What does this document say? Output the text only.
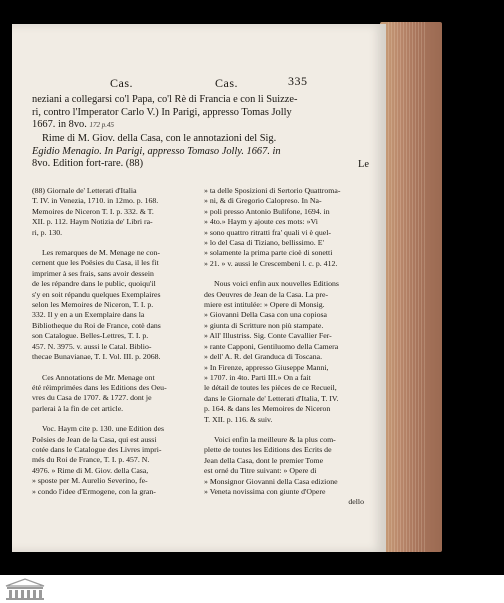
Cas.	Cas.	335
neziani a collegarsi co'l Papa, co'l Rè di Francia e con li Suizze-
ri, contro l'Imperator Carlo V.) In Parigi, appresso Tomas Jolly
1667. in 8vo. 172 p.45
Rime di M. Giov. della Casa, con le annotazioni del Sig.
Egidio Menagio. In Parigi, appresso Tomaso Jolly. 1667. in
8vo. Edition fort-rare. (88)	Le
(88) Giornale de' Letterati d'Italia
T. IV. in Venezia, 1710. in 12mo. p. 168.
Memoires de Niceron T. I. p. 332. & T.
XII. p. 112. Haym Notizia de' Libri ra-
ri, p. 130.
Les remarques de M. Menage ne con-
cernent que les Poësies du Casa, il les fit
imprimer à ses frais, sans avoir dessein
de les répandre dans le public, quoiqu'il
s'y en soit répandu quelques Exemplaires
selon les Memoires de Niceron, T. I. p.
332. Il y en a un Exemplaire dans la
Bibliotheque du Roi de France, cotè dans
son Catalogue. Belles-Lettres, T. I. p.
457. N. 3975. v. aussi le Catal. Biblio-
thecae Bunavianae, T. I. Vol. III. p. 2068.
Ces Annotations de Mr. Menage ont
été réimprimées dans les Editions des Oeu-
vres du Casa de 1707. & 1727. dont je
parlerai à la fin de cet article.
Voc. Haym cite p. 130. une Edition des
Poësies de Jean de la Casa, qui est aussi
cotée dans le Catalogue des Livres impri-
més du Roi de France, T. I. p. 457. N.
4976. » Rime di M. Giov. della Casa,
» sposte per M. Aurelio Severino, fe-
» condo l'idee d'Ermogene, con la gran-
» ta delle Sposizioni di Sertorio Quattroma-
» ni, & di Gregorio Calopreso. In Na-
» poli presso Antonio Bulifone, 1694. in
» 4to.» Haym y ajoute ces mots: »Vi
» sono quattro ritratti fra' quali vi è quel-
» lo del Casa di Tiziano, bellissimo. E'
» solamente la prima parte cioè di sonetti
» 21. » v. aussi le Crescembeni l. c. p. 412.
Nous voici enfin aux nouvelles Editions
des Oeuvres de Jean de la Casa. La pre-
miere est intitulée: » Opere di Monsig.
» Giovanni Della Casa con una copiosa
» giunta di Scritture non più stampate.
» All' Illustriss. Sig. Conte Cavallier Fer-
» rante Capponi, Gentiluomo della Camera
» dell' A. R. del Granduca di Toscana.
» In Firenze, appresso Giuseppe Manni,
» 1707. in 4to. Parti III.» On a fait
le détail de toutes les pièces de ce Recueil,
dans le Giornale de' Letterati d'Italia, T. IV.
p. 164. & dans les Memoires de Niceron
T. XII. p. 116. & suiv.
Voici enfin la meilleure & la plus com-
plette de toutes les Editions des Ecrits de
Jean della Casa, dont le premier Tome
est orné du Titre suivant: » Opere di
» Monsignor Giovanni della Casa edizione
» Veneta novissima con giunte d'Opere
dello
